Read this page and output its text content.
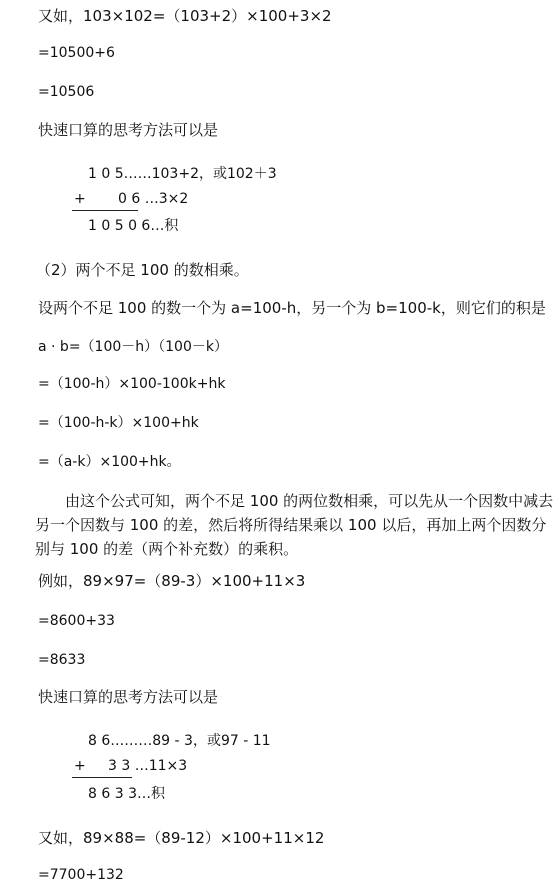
又如，103×102=（103+2）×100+3×2
=10500+6
=10506
快速口算的思考方法可以是
1 0 5……103+2，或102＋3
+ 0 6 …3×2
1 0 5 0 6…积
（2）两个不足 100 的数相乘。
设两个不足 100 的数一个为 a=100-h，另一个为 b=100-k，则它们的积是
a · b=（100－h）（100－k）
=（100-h）×100-100k+hk
=（100-h-k）×100+hk
=（a-k）×100+hk。
由这个公式可知，两个不足 100 的两位数相乘，可以先从一个因数中减去另一个因数与 100 的差，然后将所得结果乘以 100 以后，再加上两个因数分别与 100 的差（两个补充数）的乘积。
例如，89×97=（89-3）×100+11×3
=8600+33
=8633
快速口算的思考方法可以是
8 6………89 - 3，或97 - 11
+ 3 3 …11×3
8 6 3 3…积
又如，89×88=（89-12）×100+11×12
=7700+132
